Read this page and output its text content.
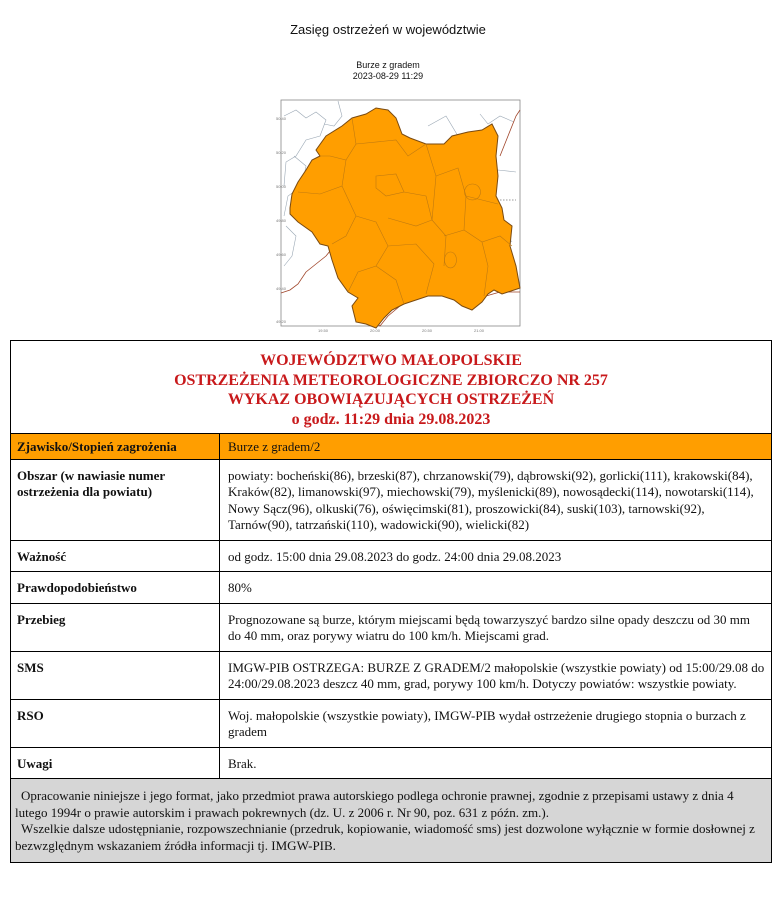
Zasięg ostrzeżeń w województwie
Burze z gradem
2023-08-29 11:29
50.40
50.20
50.00
49.80
49.60
49.40
49.20
19.50	20.00	20.50	21.00
WOJEWÓDZTWO MAŁOPOLSKIE
OSTRZEŻENIA METEOROLOGICZNE ZBIORCZO NR 257
WYKAZ OBOWIĄZUJĄCYCH OSTRZEŻEŃ
o godz. 11:29 dnia 29.08.2023
Zjawisko/Stopień zagrożenia	Burze z gradem/2
Obszar (w nawiasie numer ostrzeżenia dla powiatu)	powiaty: bocheński(86), brzeski(87), chrzanowski(79), dąbrowski(92), gorlicki(111), krakowski(84), Kraków(82), limanowski(97), miechowski(79), myślenicki(89), nowosądecki(114), nowotarski(114), Nowy Sącz(96), olkuski(76), oświęcimski(81), proszowicki(84), suski(103), tarnowski(92), Tarnów(90), tatrzański(110), wadowicki(90), wielicki(82)
Ważność	od godz. 15:00 dnia 29.08.2023 do godz. 24:00 dnia 29.08.2023
Prawdopodobieństwo	80%
Przebieg	Prognozowane są burze, którym miejscami będą towarzyszyć bardzo silne opady deszczu od 30 mm do 40 mm, oraz porywy wiatru do 100 km/h. Miejscami grad.
SMS	IMGW-PIB OSTRZEGA: BURZE Z GRADEM/2 małopolskie (wszystkie powiaty) od 15:00/29.08 do 24:00/29.08.2023 deszcz 40 mm, grad, porywy 100 km/h. Dotyczy powiatów: wszystkie powiaty.
RSO	Woj. małopolskie (wszystkie powiaty), IMGW-PIB wydał ostrzeżenie drugiego stopnia o burzach z gradem
Uwagi	Brak.

Opracowanie niniejsze i jego format, jako przedmiot prawa autorskiego podlega ochronie prawnej, zgodnie z przepisami ustawy z dnia 4 lutego 1994r o prawie autorskim i prawach pokrewnych (dz. U. z 2006 r. Nr 90, poz. 631 z późn. zm.).

Wszelkie dalsze udostępnianie, rozpowszechnianie (przedruk, kopiowanie, wiadomość sms) jest dozwolone wyłącznie w formie dosłownej z bezwzględnym wskazaniem źródła informacji tj. IMGW-PIB.
